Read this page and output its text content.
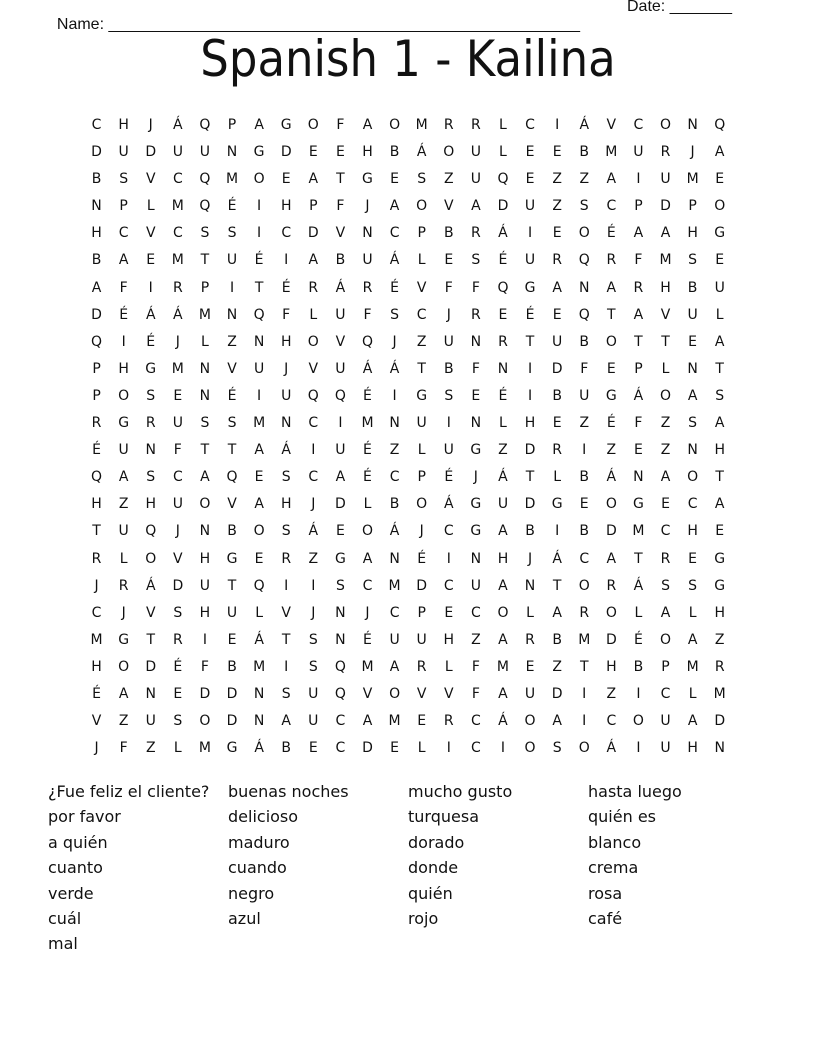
Name: _____________________________________________________

Date: _______

Spanish 1 - Kailina
C	H	J	Á	Q	P	A	G	O	F	A	O	M	R	R	L	C	I	Á	V	C	O	N	Q
D	U	D	U	U	N	G	D	E	E	H	B	Á	O	U	L	E	E	B	M	U	R	J	A
B	S	V	C	Q	M	O	E	A	T	G	E	S	Z	U	Q	E	Z	Z	A	I	U	M	E
N	P	L	M	Q	É	I	H	P	F	J	A	O	V	A	D	U	Z	S	C	P	D	P	O
H	C	V	C	S	S	I	C	D	V	N	C	P	B	R	Á	I	E	O	É	A	A	H	G
B	A	E	M	T	U	É	I	A	B	U	Á	L	E	S	É	U	R	Q	R	F	M	S	E
A	F	I	R	P	I	T	É	R	Á	R	É	V	F	F	Q	G	A	N	A	R	H	B	U
D	É	Á	Á	M	N	Q	F	L	U	F	S	C	J	R	E	É	E	Q	T	A	V	U	L
Q	I	É	J	L	Z	N	H	O	V	Q	J	Z	U	N	R	T	U	B	O	T	T	E	A
P	H	G	M	N	V	U	J	V	U	Á	Á	T	B	F	N	I	D	F	E	P	L	N	T
P	O	S	E	N	É	I	U	Q	Q	É	I	G	S	E	É	I	B	U	G	Á	O	A	S
R	G	R	U	S	S	M	N	C	I	M	N	U	I	N	L	H	E	Z	É	F	Z	S	A
É	U	N	F	T	T	A	Á	I	U	É	Z	L	U	G	Z	D	R	I	Z	E	Z	N	H
Q	A	S	C	A	Q	E	S	C	A	É	C	P	É	J	Á	T	L	B	Á	N	A	O	T
H	Z	H	U	O	V	A	H	J	D	L	B	O	Á	G	U	D	G	E	O	G	E	C	A
T	U	Q	J	N	B	O	S	Á	E	O	Á	J	C	G	A	B	I	B	D	M	C	H	E
R	L	O	V	H	G	E	R	Z	G	A	N	É	I	N	H	J	Á	C	A	T	R	E	G
J	R	Á	D	U	T	Q	I	I	S	C	M	D	C	U	A	N	T	O	R	Á	S	S	G
C	J	V	S	H	U	L	V	J	N	J	C	P	E	C	O	L	A	R	O	L	A	L	H
M	G	T	R	I	E	Á	T	S	N	É	U	U	H	Z	A	R	B	M	D	É	O	A	Z
H	O	D	É	F	B	M	I	S	Q	M	A	R	L	F	M	E	Z	T	H	B	P	M	R
É	A	N	E	D	D	N	S	U	Q	V	O	V	V	F	A	U	D	I	Z	I	C	L	M
V	Z	U	S	O	D	N	A	U	C	A	M	E	R	C	Á	O	A	I	C	O	U	A	D
J	F	Z	L	M	G	Á	B	E	C	D	E	L	I	C	I	O	S	O	Á	I	U	H	N
¿Fue feliz el cliente?
por favor
a quién
cuanto
verde
cuál
mal
buenas noches
delicioso
maduro
cuando
negro
azul
mucho gusto
turquesa
dorado
donde
quién
rojo
hasta luego
quién es
blanco
crema
rosa
café
